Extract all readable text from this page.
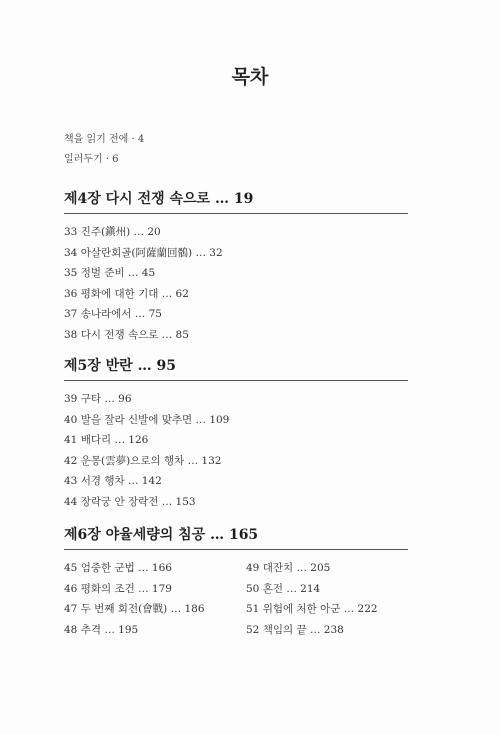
목차
책을 읽기 전에 · 4
일러두기 · 6
제4장 다시 전쟁 속으로 … 19
33 진주(鎭州) … 20
34 아살란회골(阿薩蘭回鶻) … 32
35 정벌 준비 … 45
36 평화에 대한 기대 … 62
37 송나라에서 … 75
38 다시 전쟁 속으로 … 85
제5장 반란 … 95
39 구타 … 96
40 발을 잘라 신발에 맞추면 … 109
41 배다리 … 126
42 운몽(雲夢)으로의 행차 … 132
43 서경 행차 … 142
44 장락궁 안 장락전 … 153
제6장 야율세량의 침공 … 165
45 엄중한 군법 … 166
46 평화의 조건 … 179
47 두 번째 회전(會戰) … 186
48 추격 … 195
49 대잔치 … 205
50 혼전 … 214
51 위험에 처한 아군 … 222
52 책임의 끝 … 238
